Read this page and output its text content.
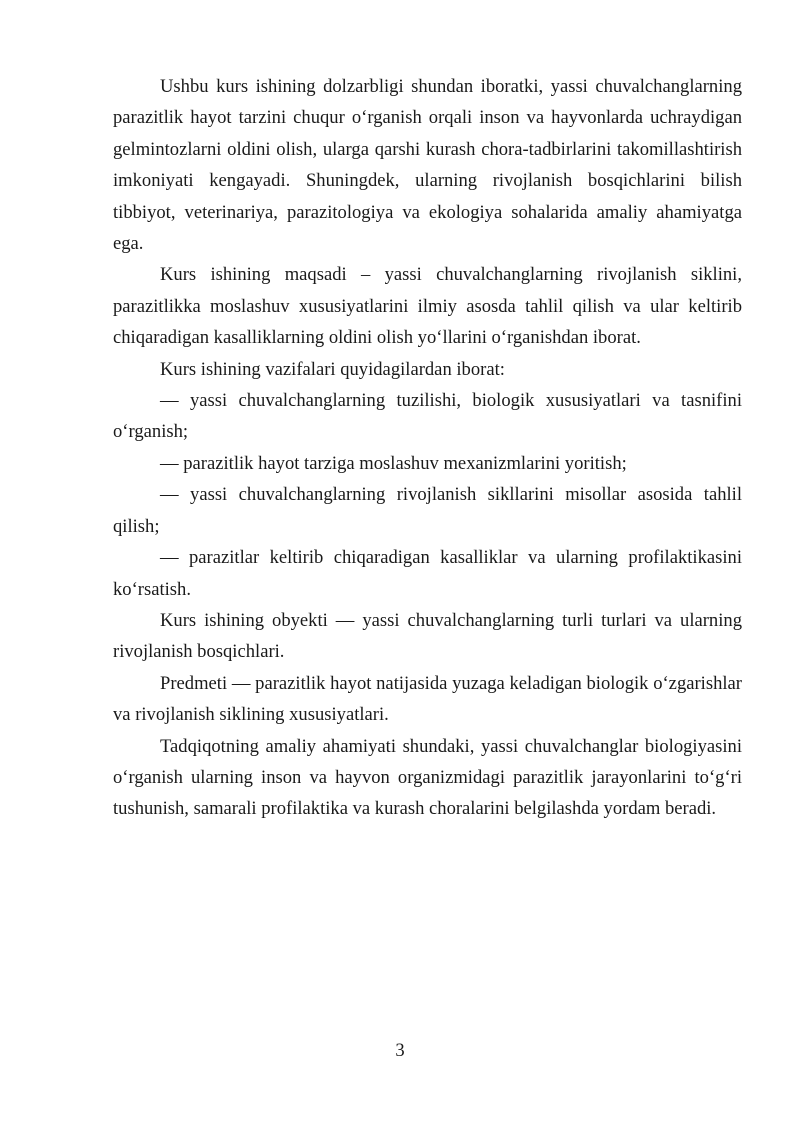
Ushbu kurs ishining dolzarbligi shundan iboratki, yassi chuvalchanglarning parazitlik hayot tarzini chuqur o‘rganish orqali inson va hayvonlarda uchraydigan gelmintozlarni oldini olish, ularga qarshi kurash chora-tadbirlarini takomillashtirish imkoniyati kengayadi. Shuningdek, ularning rivojlanish bosqichlarini bilish tibbiyot, veterinariya, parazitologiya va ekologiya sohalarida amaliy ahamiyatga ega.

Kurs ishining maqsadi – yassi chuvalchanglarning rivojlanish siklini, parazitlikka moslashuv xususiyatlarini ilmiy asosda tahlil qilish va ular keltirib chiqaradigan kasalliklarning oldini olish yo‘llarini o‘rganishdan iborat.

Kurs ishining vazifalari quyidagilardan iborat:

— yassi chuvalchanglarning tuzilishi, biologik xususiyatlari va tasnifini o‘rganish;

— parazitlik hayot tarziga moslashuv mexanizmlarini yoritish;

— yassi chuvalchanglarning rivojlanish sikllarini misollar asosida tahlil qilish;

— parazitlar keltirib chiqaradigan kasalliklar va ularning profilaktikasini ko‘rsatish.

Kurs ishining obyekti — yassi chuvalchanglarning turli turlari va ularning rivojlanish bosqichlari.

Predmeti — parazitlik hayot natijasida yuzaga keladigan biologik o‘zgarishlar va rivojlanish siklining xususiyatlari.

Tadqiqotning amaliy ahamiyati shundaki, yassi chuvalchanglar biologiyasini o‘rganish ularning inson va hayvon organizmidagi parazitlik jarayonlarini to‘g‘ri tushunish, samarali profilaktika va kurash choralarini belgilashda yordam beradi.

3
